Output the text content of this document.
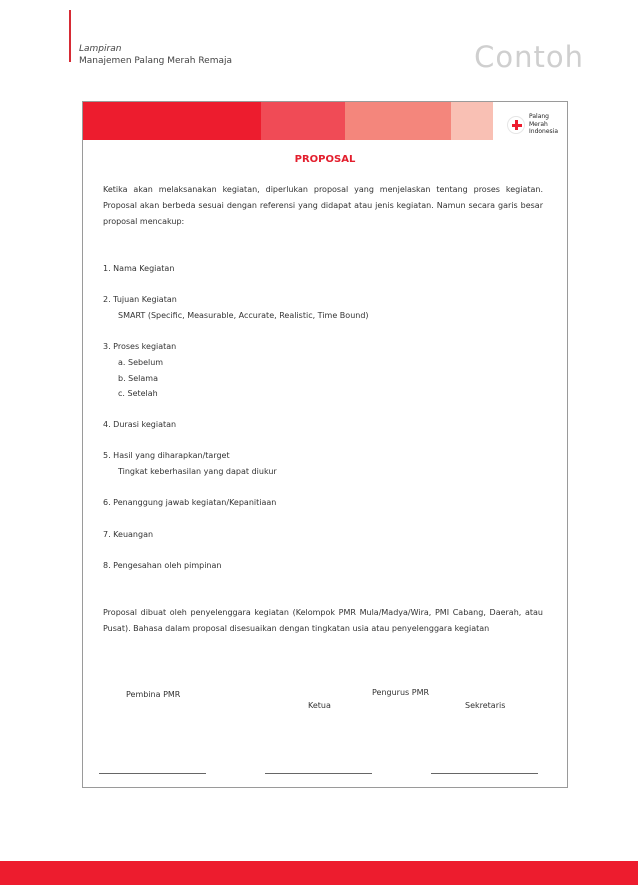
Lampiran
Manajemen Palang Merah Remaja	Contoh
Palang
Merah
Indonesia
PROPOSAL
Ketika akan melaksanakan kegiatan, diperlukan proposal yang menjelaskan tentang proses kegiatan. Proposal akan berbeda sesuai dengan referensi yang didapat atau jenis kegiatan. Namun secara garis besar proposal mencakup:
1. Nama Kegiatan
2. Tujuan Kegiatan
SMART (Specific, Measurable, Accurate, Realistic, Time Bound)
3. Proses kegiatan
a. Sebelum
b. Selama
c. Setelah
4. Durasi kegiatan
5. Hasil yang diharapkan/target
Tingkat keberhasilan yang dapat diukur
6. Penanggung jawab kegiatan/Kepanitiaan
7. Keuangan
8. Pengesahan oleh pimpinan
Proposal dibuat oleh penyelenggara kegiatan (Kelompok PMR Mula/Madya/Wira, PMI Cabang, Daerah, atau Pusat). Bahasa dalam proposal disesuaikan dengan tingkatan usia atau penyelenggara kegiatan
Pembina PMR	Pengurus PMR
Ketua	Sekretaris
